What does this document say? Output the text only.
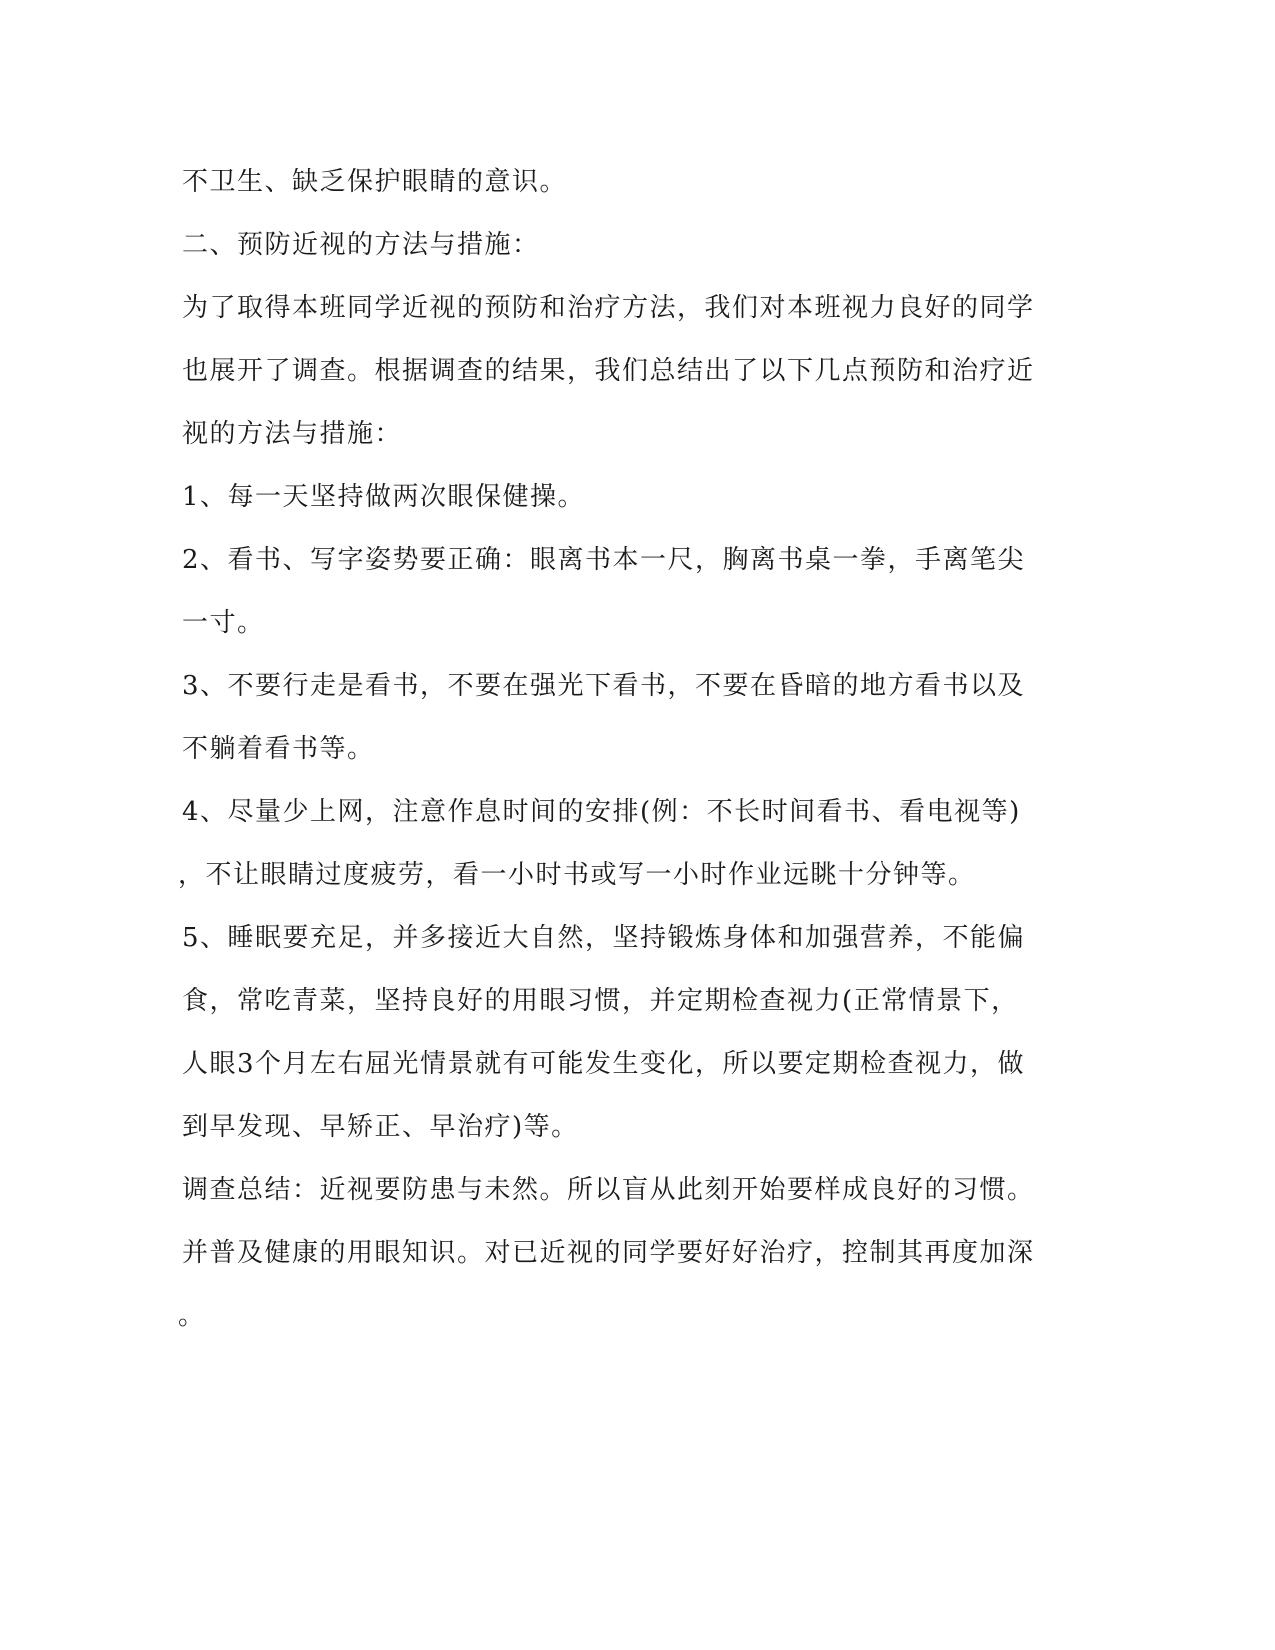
不卫生、缺乏保护眼睛的意识。
二、预防近视的方法与措施：
为了取得本班同学近视的预防和治疗方法，我们对本班视力良好的同学
也展开了调查。根据调查的结果，我们总结出了以下几点预防和治疗近
视的方法与措施：
1、每一天坚持做两次眼保健操。
2、看书、写字姿势要正确：眼离书本一尺，胸离书桌一拳，手离笔尖
一寸。
3、不要行走是看书，不要在强光下看书，不要在昏暗的地方看书以及
不躺着看书等。
4、尽量少上网，注意作息时间的安排(例：不长时间看书、看电视等)
，不让眼睛过度疲劳，看一小时书或写一小时作业远眺十分钟等。
5、睡眠要充足，并多接近大自然，坚持锻炼身体和加强营养，不能偏
食，常吃青菜，坚持良好的用眼习惯，并定期检查视力(正常情景下，
人眼3个月左右屈光情景就有可能发生变化，所以要定期检查视力，做
到早发现、早矫正、早治疗)等。
调查总结：近视要防患与未然。所以盲从此刻开始要样成良好的习惯。
并普及健康的用眼知识。对已近视的同学要好好治疗，控制其再度加深
。
